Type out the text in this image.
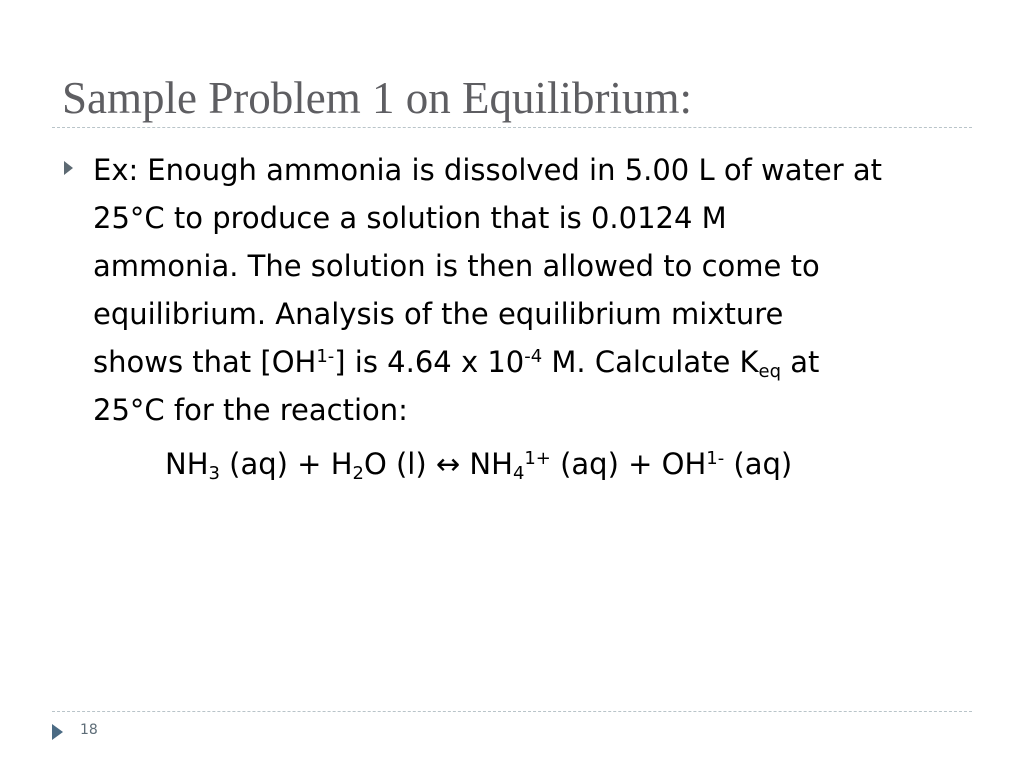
Sample Problem 1 on Equilibrium:
Ex: Enough ammonia is dissolved in 5.00 L of water at
25°C to produce a solution that is 0.0124 M
ammonia. The solution is then allowed to come to
equilibrium. Analysis of the equilibrium mixture
shows that $[OH^{1-}]$ is 4.64 x $10^{-4}$ M. Calculate $K_{eq}$ at
25°C for the reaction:
$NH_3$ $(aq) + H_2O$ (l) ↔ $NH_4^{1+}$ $(aq) + OH^{1-}$ (aq)
18
